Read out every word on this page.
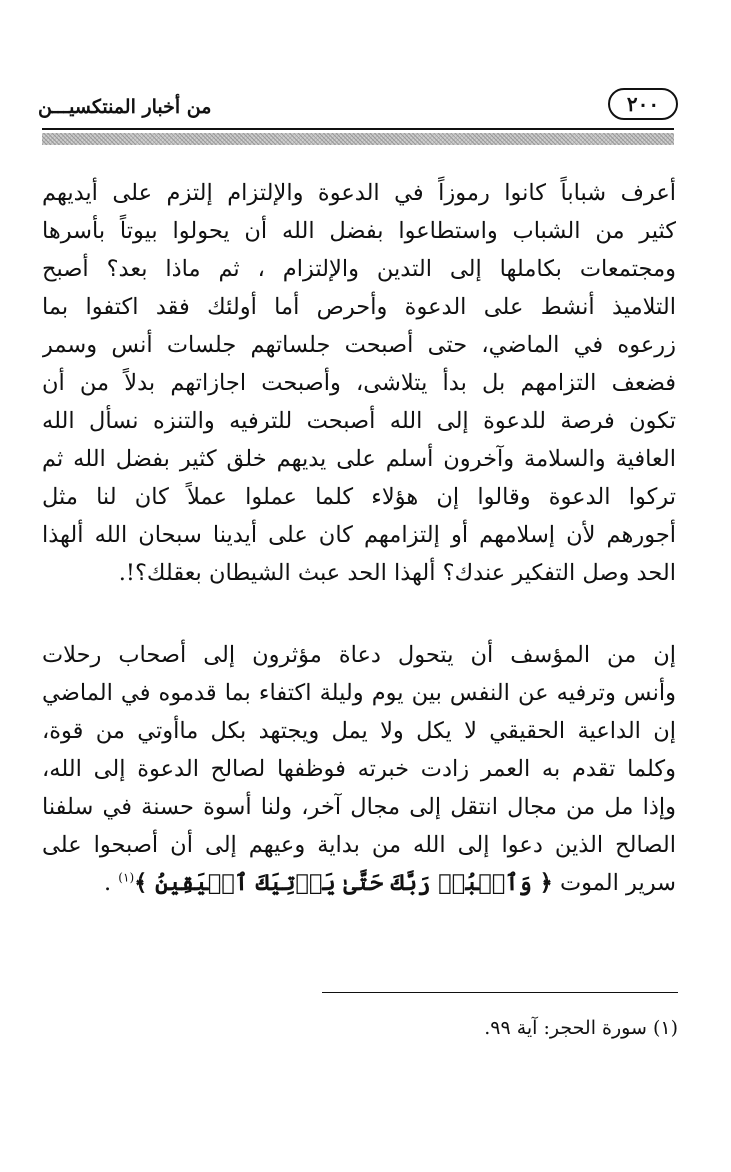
٢٠٠
من أخبار المنتكسيـــن
أعرف شباباً كانوا رموزاً في الدعوة والإلتزام إلتزم على أيديهم
كثير من الشباب واستطاعوا بفضل الله أن يحولوا بيوتاً بأسرها
ومجتمعات بكاملها إلى التدين والإلتزام ، ثم ماذا بعد؟ أصبح
التلاميذ أنشط على الدعوة وأحرص أما أولئك فقد اكتفوا بما
زرعوه في الماضي، حتى أصبحت جلساتهم جلسات أنس وسمر
فضعف التزامهم بل بدأ يتلاشى، وأصبحت اجازاتهم بدلاً من أن
تكون فرصة للدعوة إلى الله أصبحت للترفيه والتنزه نسأل الله
العافية والسلامة وآخرون أسلم على يديهم خلق كثير بفضل الله ثم
تركوا الدعوة وقالوا إن هؤلاء كلما عملوا عملاً كان لنا مثل
أجورهم لأن إسلامهم أو إلتزامهم كان على أيدينا سبحان الله ألهذا
الحد وصل التفكير عندك؟ ألهذا الحد عبث الشيطان بعقلك؟!.
إن من المؤسف أن يتحول دعاة مؤثرون إلى أصحاب رحلات
وأنس وترفيه عن النفس بين يوم وليلة اكتفاء بما قدموه في الماضي
إن الداعية الحقيقي لا يكل ولا يمل ويجتهد بكل ماأوتي من قوة،
وكلما تقدم به العمر زادت خبرته فوظفها لصالح الدعوة إلى الله،
وإذا مل من مجال انتقل إلى مجال آخر، ولنا أسوة حسنة في سلفنا
الصالح الذين دعوا إلى الله من بداية وعيهم إلى أن أصبحوا على
سرير الموت ﴿ وَٱعۡبُدۡ رَبَّكَ حَتَّىٰ يَأۡتِيَكَ ٱلۡيَقِينُ ﴾$^{(١)}$ .
(١) سورة الحجر: آية ٩٩.
